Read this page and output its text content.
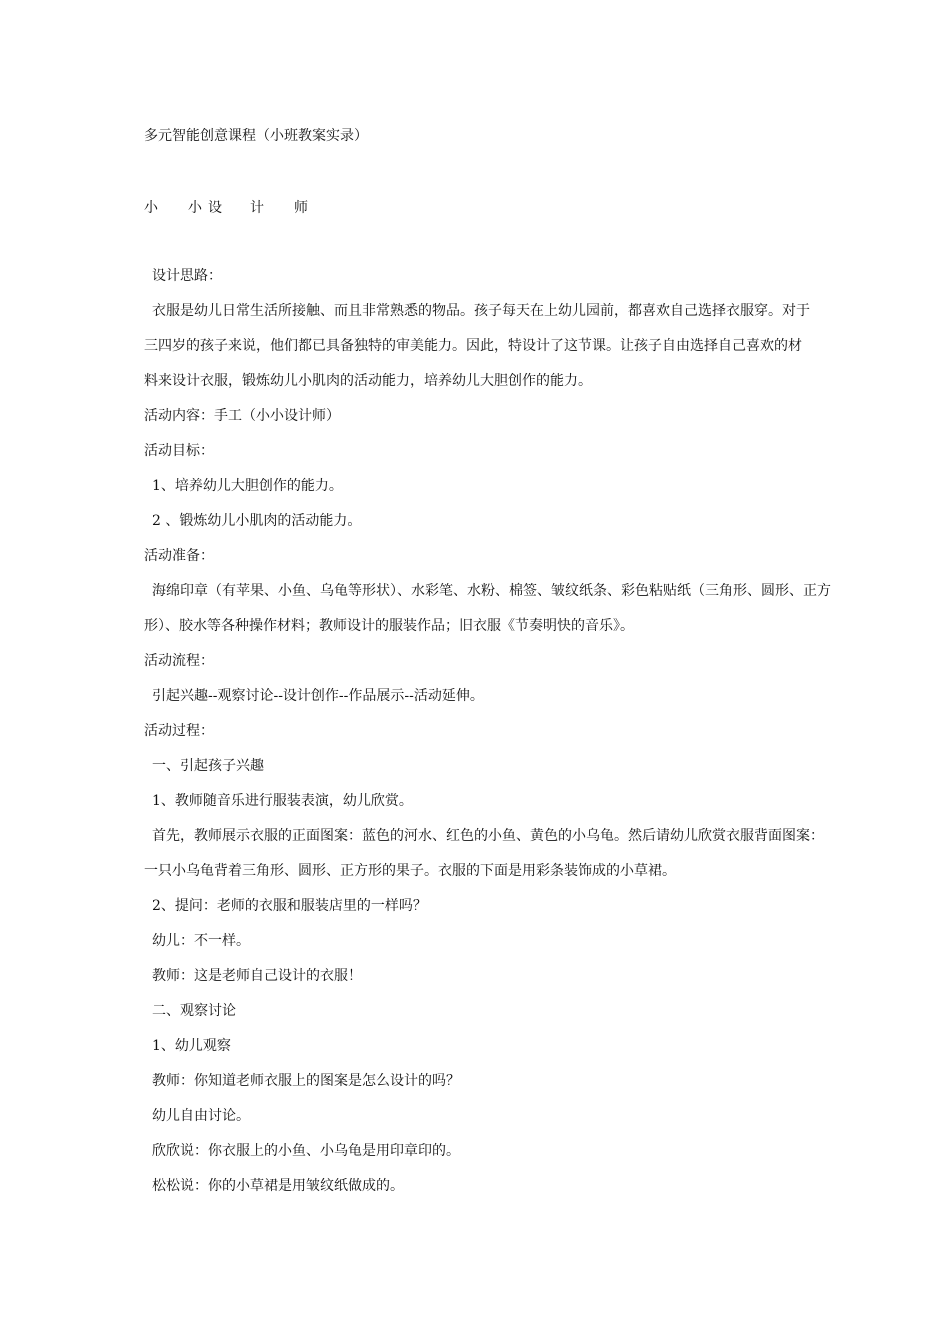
多元智能创意课程（小班教案实录）
小 小 设 计 师
设计思路：
衣服是幼儿日常生活所接触、而且非常熟悉的物品。孩子每天在上幼儿园前，都喜欢自己选择衣服穿。对于
三四岁的孩子来说，他们都已具备独特的审美能力。因此，特设计了这节课。让孩子自由选择自己喜欢的材
料来设计衣服，锻炼幼儿小肌肉的活动能力，培养幼儿大胆创作的能力。
活动内容：手工（小小设计师）
活动目标：
1、培养幼儿大胆创作的能力。
2 、锻炼幼儿小肌肉的活动能力。
活动准备：
海绵印章（有苹果、小鱼、乌龟等形状）、水彩笔、水粉、棉签、皱纹纸条、彩色粘贴纸（三角形、圆形、正方
形）、胶水等各种操作材料；教师设计的服装作品；旧衣服《节奏明快的音乐》。
活动流程：
引起兴趣--观察讨论--设计创作--作品展示--活动延伸。
活动过程：
一、引起孩子兴趣
1、教师随音乐进行服装表演，幼儿欣赏。
首先，教师展示衣服的正面图案：蓝色的河水、红色的小鱼、黄色的小乌龟。然后请幼儿欣赏衣服背面图案：
一只小乌龟背着三角形、圆形、正方形的果子。衣服的下面是用彩条装饰成的小草裙。
2、提问：老师的衣服和服装店里的一样吗？
幼儿：不一样。
教师：这是老师自己设计的衣服！
二、观察讨论
1、幼儿观察
教师：你知道老师衣服上的图案是怎么设计的吗？
幼儿自由讨论。
欣欣说：你衣服上的小鱼、小乌龟是用印章印的。
松松说：你的小草裙是用皱纹纸做成的。
